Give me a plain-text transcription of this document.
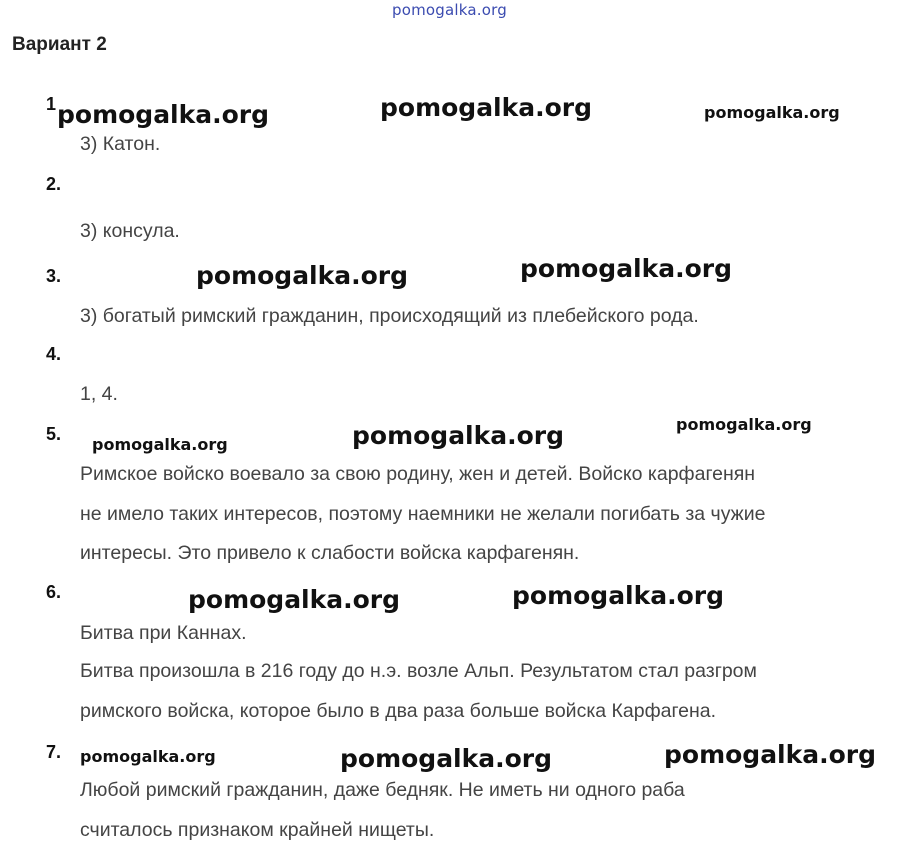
pomogalka.org
Вариант 2
1
3) Катон.
2.
3) консула.
3.
3) богатый римский гражданин, происходящий из плебейского рода.
4.
1, 4.
5.
Римское войско воевало за свою родину, жен и детей. Войско карфагенян
не имело таких интересов, поэтому наемники не желали погибать за чужие
интересы. Это привело к слабости войска карфагенян.
6.
Битва при Каннах.
Битва произошла в 216 году до н.э. возле Альп. Результатом стал разгром
римского войска, которое было в два раза больше войска Карфагена.
7.
Любой римский гражданин, даже бедняк. Не иметь ни одного раба
считалось признаком крайней нищеты.
pomogalka.org	pomogalka.org	pomogalka.org
pomogalka.org	pomogalka.org
pomogalka.org	pomogalka.org	pomogalka.org
pomogalka.org	pomogalka.org
pomogalka.org	pomogalka.org	pomogalka.org
